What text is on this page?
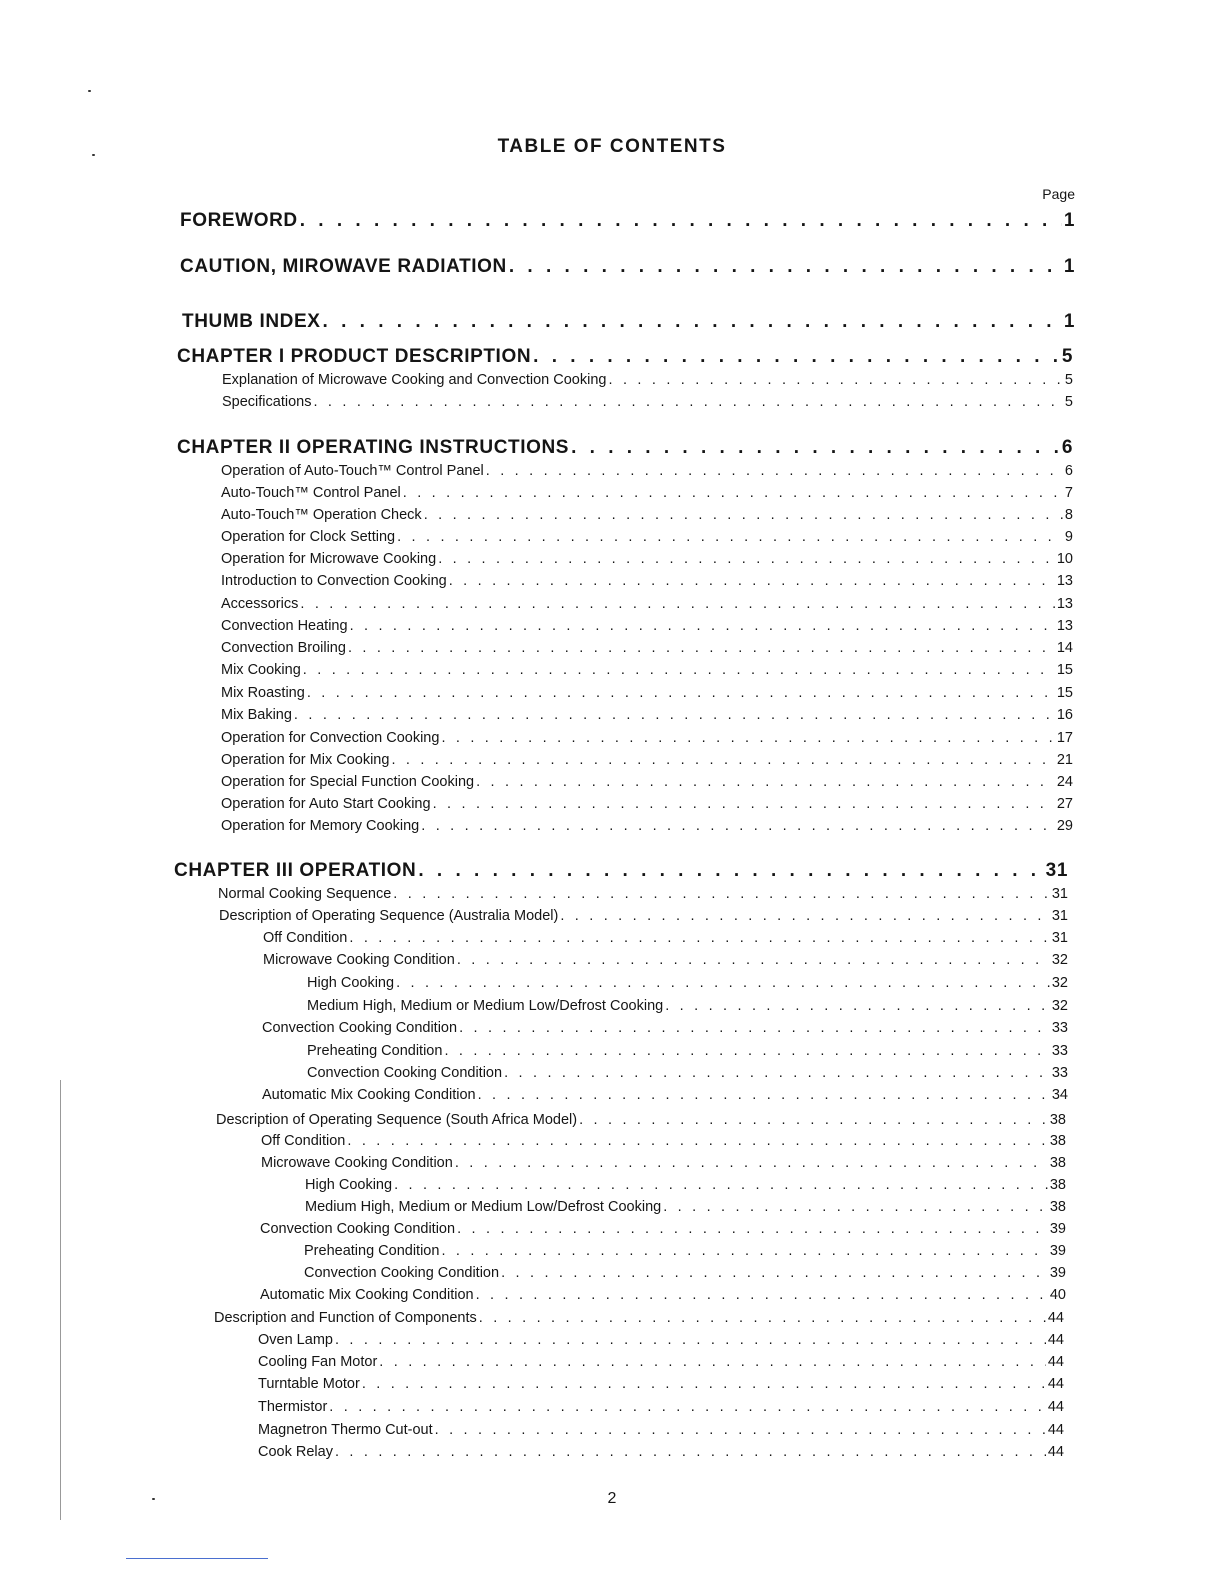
TABLE OF CONTENTS
Page
FOREWORD . . .	1
CAUTION, MIROWAVE RADIATION . . .	1
THUMB INDEX . . .	1
CHAPTER I PRODUCT DESCRIPTION . . .	5
Explanation of Microwave Cooking and Convection Cooking . . .	5
Specifications . . .	5
CHAPTER II OPERATING INSTRUCTIONS . . .	6
Operation of Auto-Touch™ Control Panel . . .	6
Auto-Touch™ Control Panel . . .	7
Auto-Touch™ Operation Check . . .	8
Operation for Clock Setting . . .	9
Operation for Microwave Cooking . . .	10
Introduction to Convection Cooking . . .	13
Accessorics . . .	13
Convection Heating . . .	13
Convection Broiling . . .	14
Mix Cooking . . .	15
Mix Roasting . . .	15
Mix Baking . . .	16
Operation for Convection Cooking . . .	17
Operation for Mix Cooking . . .	21
Operation for Special Function Cooking . . .	24
Operation for Auto Start Cooking . . .	27
Operation for Memory Cooking . . .	29
CHAPTER III OPERATION . . .	31
Normal Cooking Sequence . . .	31
Description of Operating Sequence (Australia Model) . . .	31
Off Condition . . .	31
Microwave Cooking Condition . . .	32
High Cooking . . .	32
Medium High, Medium or Medium Low/Defrost Cooking . . .	32
Convection Cooking Condition . . .	33
Preheating Condition . . .	33
Convection Cooking Condition . . .	33
Automatic Mix Cooking Condition . . .	34
Description of Operating Sequence (South Africa Model) . . .	38
Off Condition . . .	38
Microwave Cooking Condition . . .	38
High Cooking . . .	38
Medium High, Medium or Medium Low/Defrost Cooking . . .	38
Convection Cooking Condition . . .	39
Preheating Condition . . .	39
Convection Cooking Condition . . .	39
Automatic Mix Cooking Condition . . .	40
Description and Function of Components . . .	44
Oven Lamp . . .	44
Cooling Fan Motor . . .	44
Turntable Motor . . .	44
Thermistor . . .	44
Magnetron Thermo Cut-out . . .	44
Cook Relay . . .	44
2
